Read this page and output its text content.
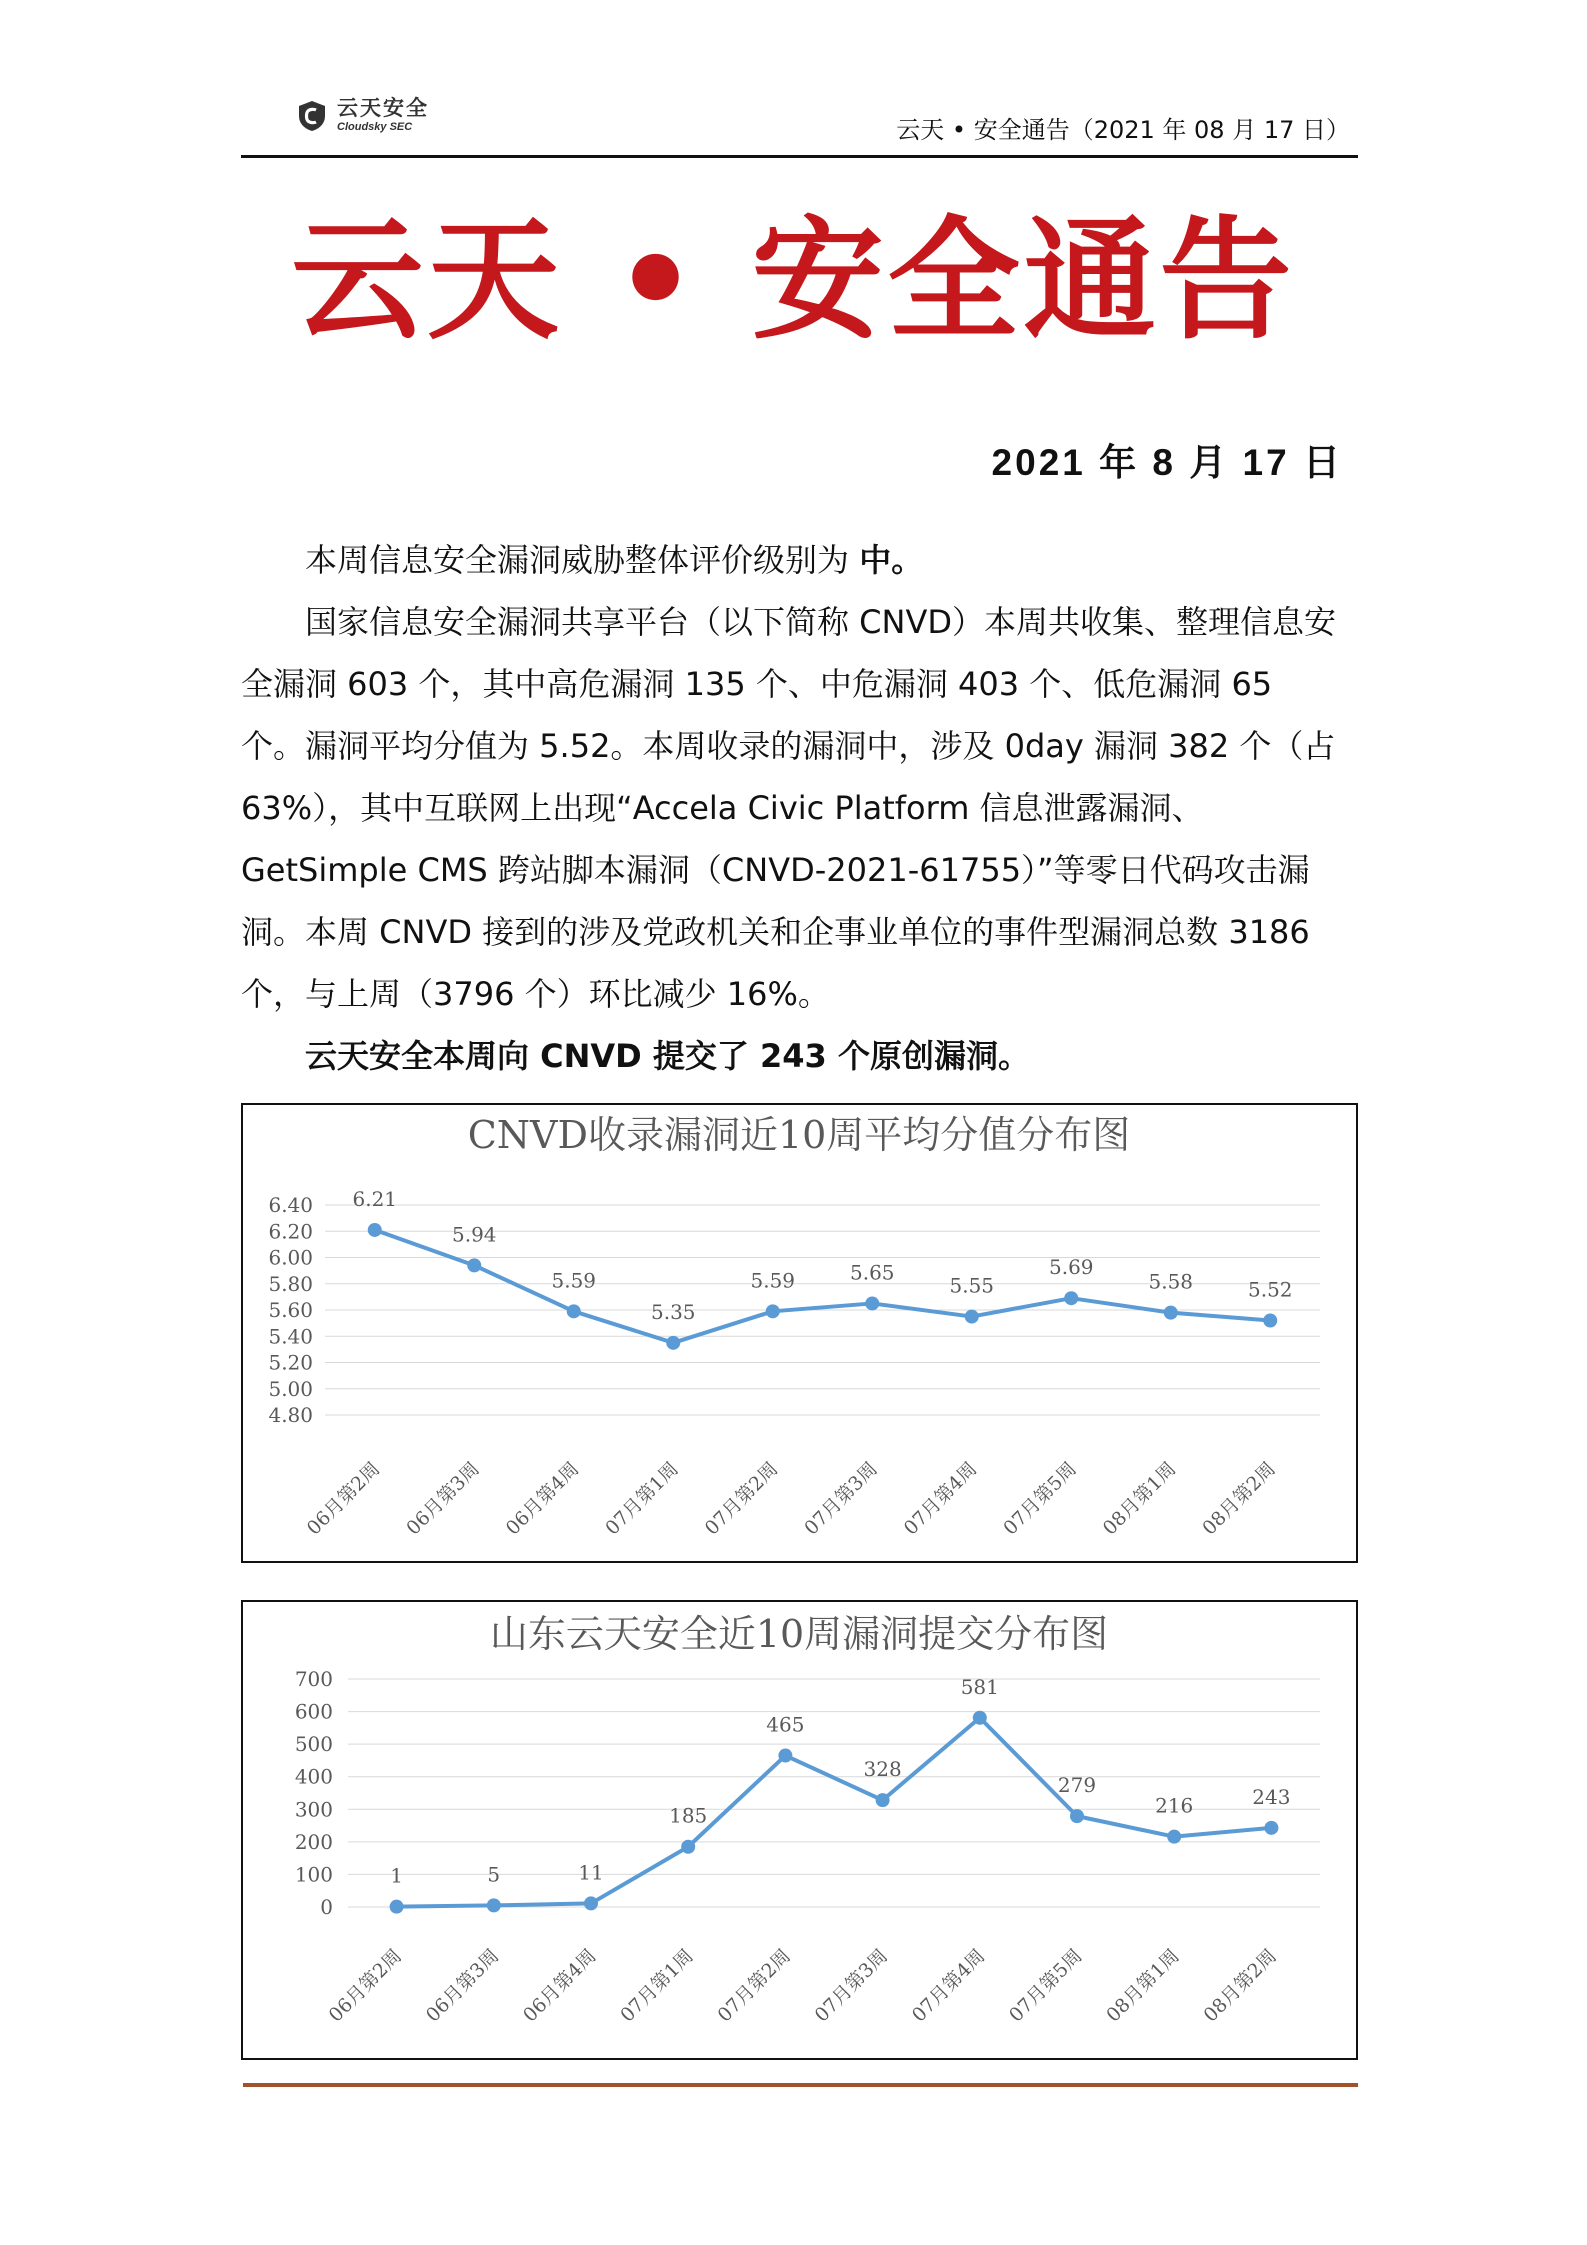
云天安全
Cloudsky SEC	云天 • 安全通告（2021 年 08 月 17 日）
云天 • 安全通告
2021 年 8 月 17 日
本周信息安全漏洞威胁整体评价级别为 中。
国家信息安全漏洞共享平台（以下简称 CNVD）本周共收集、整理信息安全漏洞 603 个，其中高危漏洞 135 个、中危漏洞 403 个、低危漏洞 65 个。漏洞平均分值为 5.52。本周收录的漏洞中，涉及 0day 漏洞 382 个（占 63%），其中互联网上出现“Accela Civic Platform 信息泄露漏洞、GetSimple CMS 跨站脚本漏洞（CNVD-2021-61755）”等零日代码攻击漏洞。本周 CNVD 接到的涉及党政机关和企事业单位的事件型漏洞总数 3186 个，与上周（3796 个）环比减少 16%。
云天安全本周向 CNVD 提交了 243 个原创漏洞。
CNVD收录漏洞近10周平均分值分布图
6.40
6.20
6.00
5.80
5.60
5.40
5.20
5.00
4.80
6.21
5.94
5.59
5.35
5.59	5.65
5.55
5.69
5.58	5.52
06月第2周 06月第3周 06月第4周 07月第1周 07月第2周 07月第3周 07月第4周 07月第5周 08月第1周 08月第2周
山东云天安全近10周漏洞提交分布图
700
600
500
400
300
200
100
0
1	5	11
185
465
328
581
279
216	243
06月第2周 06月第3周 06月第4周 07月第1周 07月第2周 07月第3周 07月第4周 07月第5周 08月第1周 08月第2周
